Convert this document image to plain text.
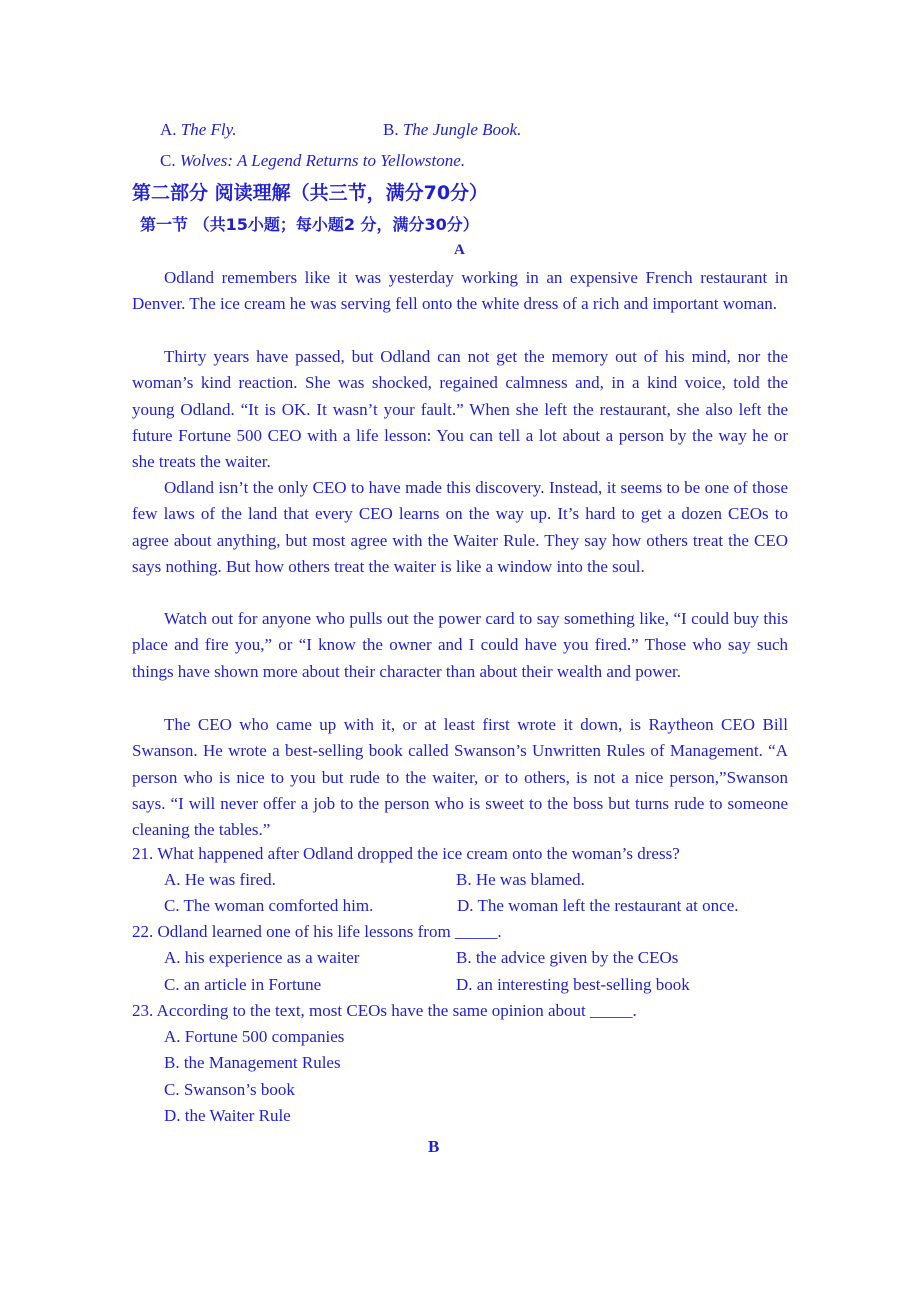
A. The Fly.	B. The Jungle Book.
C. Wolves: A Legend Returns to Yellowstone.
第二部分 阅读理解（共三节，满分70分）
第一节 （共15小题；每小题2 分，满分30分）
A
Odland remembers like it was yesterday working in an expensive French restaurant in Denver. The ice cream he was serving fell onto the white dress of a rich and important woman.
Thirty years have passed, but Odland can not get the memory out of his mind, nor the woman’s kind reaction. She was shocked, regained calmness and, in a kind voice, told the young Odland. “It is OK. It wasn’t your fault.” When she left the restaurant, she also left the future Fortune 500 CEO with a life lesson: You can tell a lot about a person by the way he or she treats the waiter.
Odland isn’t the only CEO to have made this discovery. Instead, it seems to be one of those few laws of the land that every CEO learns on the way up. It’s hard to get a dozen CEOs to agree about anything, but most agree with the Waiter Rule. They say how others treat the CEO says nothing. But how others treat the waiter is like a window into the soul.
Watch out for anyone who pulls out the power card to say something like, “I could buy this place and fire you,” or “I know the owner and I could have you fired.” Those who say such things have shown more about their character than about their wealth and power.
The CEO who came up with it, or at least first wrote it down, is Raytheon CEO Bill Swanson. He wrote a best-selling book called Swanson’s Unwritten Rules of Management. “A person who is nice to you but rude to the waiter, or to others, is not a nice person,”Swanson says. “I will never offer a job to the person who is sweet to the boss but turns rude to someone cleaning the tables.”
21. What happened after Odland dropped the ice cream onto the woman’s dress?
A. He was fired.	B. He was blamed.
C. The woman comforted him.	D. The woman left the restaurant at once.
22. Odland learned one of his life lessons from _____.
A. his experience as a waiter	B. the advice given by the CEOs
C. an article in Fortune	D. an interesting best-selling book
23. According to the text, most CEOs have the same opinion about _____.
A. Fortune 500 companies
B. the Management Rules
C. Swanson’s book
D. the Waiter Rule
B
